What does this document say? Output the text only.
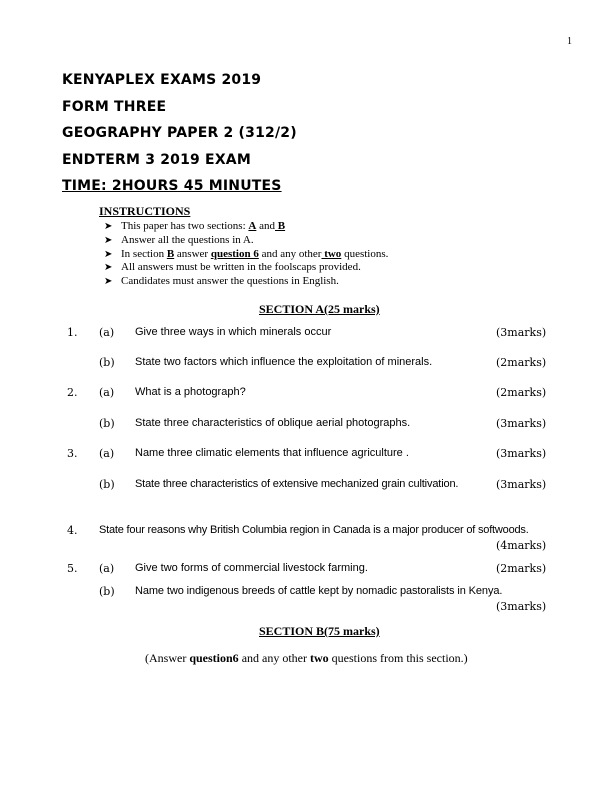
1
KENYAPLEX EXAMS 2019
FORM THREE
GEOGRAPHY PAPER 2 (312/2)
ENDTERM 3 2019 EXAM
TIME: 2HOURS 45 MINUTES
INSTRUCTIONS
➤ This paper has two sections: A and B
➤ Answer all the questions in A.
➤ In section B answer question 6 and any other two questions.
➤ All answers must be written in the foolscaps provided.
➤ Candidates must answer the questions in English.
SECTION A(25 marks)
1. (a) Give three ways in which minerals occur	(3marks)
(b) State two factors which influence the exploitation of minerals.	(2marks)
2. (a) What is a photograph?	(2marks)
(b) State three characteristics of oblique aerial photographs.	(3marks)
3. (a) Name three climatic elements that influence agriculture .	(3marks)
(b) State three characteristics of extensive mechanized grain cultivation.	(3marks)
4. State four reasons why British Columbia region in Canada is a major producer of softwoods.
(4marks)
5. (a) Give two forms of commercial livestock farming.	(2marks)
(b) Name two indigenous breeds of cattle kept by nomadic pastoralists in Kenya.
(3marks)
SECTION B(75 marks)
(Answer question6 and any other two questions from this section.)
